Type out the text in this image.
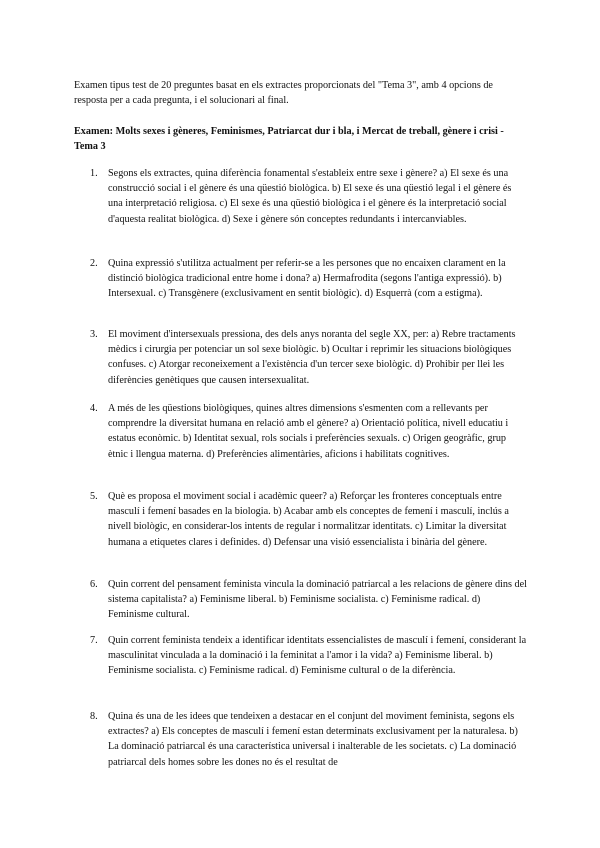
Examen tipus test de 20 preguntes basat en els extractes proporcionats del "Tema 3", amb 4 opcions de resposta per a cada pregunta, i el solucionari al final.

Examen: Molts sexes i gèneres, Feminismes, Patriarcat dur i bla, i Mercat de treball, gènere i crisi - Tema 3

1. Segons els extractes, quina diferència fonamental s'estableix entre sexe i gènere? a) El sexe és una construcció social i el gènere és una qüestió biològica. b) El sexe és una qüestió legal i el gènere és una interpretació religiosa. c) El sexe és una qüestió biològica i el gènere és la interpretació social d'aquesta realitat biològica. d) Sexe i gènere són conceptes redundants i intercanviables.
2. Quina expressió s'utilitza actualment per referir-se a les persones que no encaixen clarament en la distinció biològica tradicional entre home i dona? a) Hermafrodita (segons l'antiga expressió). b) Intersexual. c) Transgènere (exclusivament en sentit biològic). d) Esquerrà (com a estigma).
3. El moviment d'intersexuals pressiona, des dels anys noranta del segle XX, per: a) Rebre tractaments mèdics i cirurgia per potenciar un sol sexe biològic. b) Ocultar i reprimir les situacions biològiques confuses. c) Atorgar reconeixement a l'existència d'un tercer sexe biològic. d) Prohibir per llei les diferències genètiques que causen intersexualitat.
4. A més de les qüestions biològiques, quines altres dimensions s'esmenten com a rellevants per comprendre la diversitat humana en relació amb el gènere? a) Orientació política, nivell educatiu i estatus econòmic. b) Identitat sexual, rols socials i preferències sexuals. c) Origen geogràfic, grup ètnic i llengua materna. d) Preferències alimentàries, aficions i habilitats cognitives.
5. Què es proposa el moviment social i acadèmic queer? a) Reforçar les fronteres conceptuals entre masculí i femení basades en la biologia. b) Acabar amb els conceptes de femení i masculí, inclús a nivell biològic, en considerar-los intents de regular i normalitzar identitats. c) Limitar la diversitat humana a etiquetes clares i definides. d) Defensar una visió essencialista i binària del gènere.
6. Quin corrent del pensament feminista vincula la dominació patriarcal a les relacions de gènere dins del sistema capitalista? a) Feminisme liberal. b) Feminisme socialista. c) Feminisme radical. d) Feminisme cultural.
7. Quin corrent feminista tendeix a identificar identitats essencialistes de masculí i femení, considerant la masculinitat vinculada a la dominació i la feminitat a l'amor i la vida? a) Feminisme liberal. b) Feminisme socialista. c) Feminisme radical. d) Feminisme cultural o de la diferència.
8. Quina és una de les idees que tendeixen a destacar en el conjunt del moviment feminista, segons els extractes? a) Els conceptes de masculí i femení estan determinats exclusivament per la naturalesa. b) La dominació patriarcal és una característica universal i inalterable de les societats. c) La dominació patriarcal dels homes sobre les dones no és el resultat de
